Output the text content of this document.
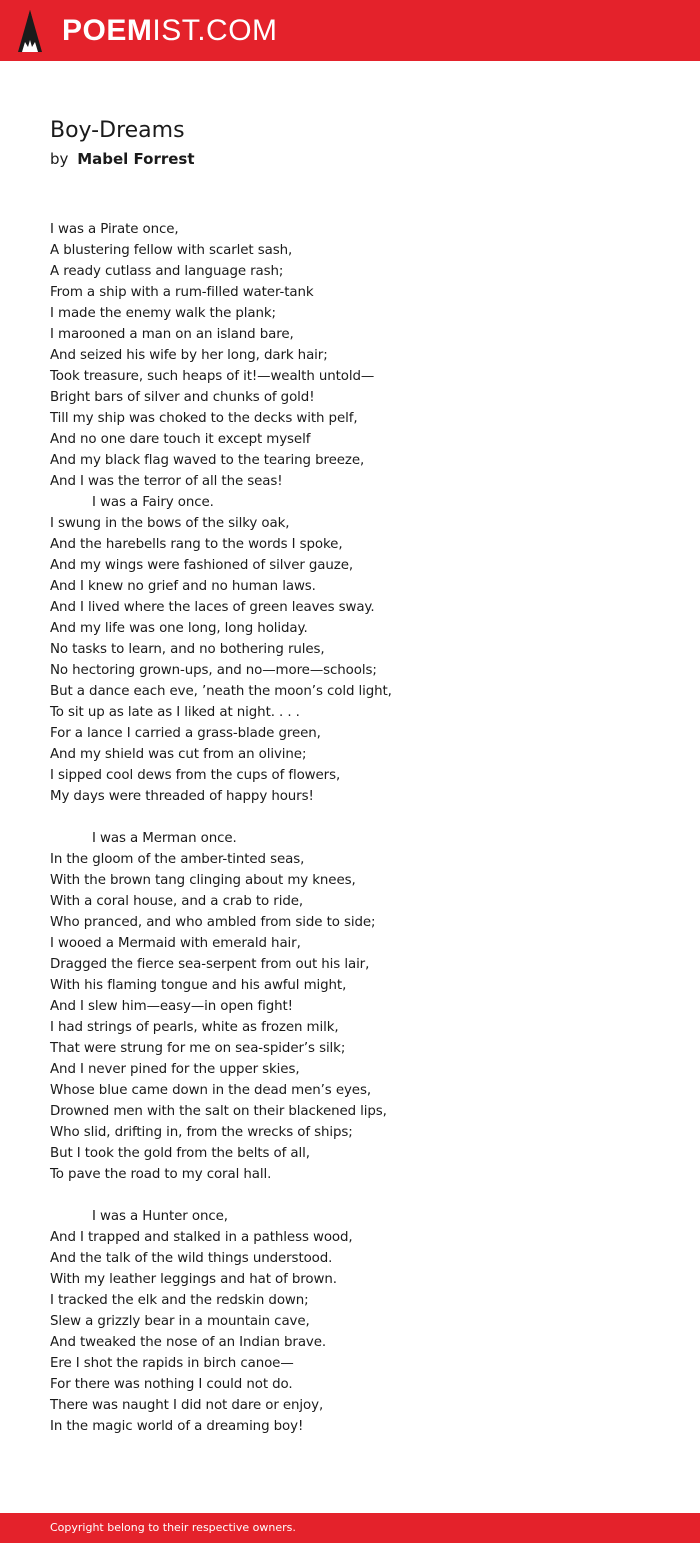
POEMIST.COM
Boy-Dreams
by Mabel Forrest
I was a Pirate once,
A blustering fellow with scarlet sash,
A ready cutlass and language rash;
From a ship with a rum-filled water-tank
I made the enemy walk the plank;
I marooned a man on an island bare,
And seized his wife by her long, dark hair;
Took treasure, such heaps of it!—wealth untold—
Bright bars of silver and chunks of gold!
Till my ship was choked to the decks with pelf,
And no one dare touch it except myself
And my black flag waved to the tearing breeze,
And I was the terror of all the seas!
I was a Fairy once.
I swung in the bows of the silky oak,
And the harebells rang to the words I spoke,
And my wings were fashioned of silver gauze,
And I knew no grief and no human laws.
And I lived where the laces of green leaves sway.
And my life was one long, long holiday.
No tasks to learn, and no bothering rules,
No hectoring grown-ups, and no—more—schools;
But a dance each eve, ’neath the moon’s cold light,
To sit up as late as I liked at night. . . .
For a lance I carried a grass-blade green,
And my shield was cut from an olivine;
I sipped cool dews from the cups of flowers,
My days were threaded of happy hours!
I was a Merman once.
In the gloom of the amber-tinted seas,
With the brown tang clinging about my knees,
With a coral house, and a crab to ride,
Who pranced, and who ambled from side to side;
I wooed a Mermaid with emerald hair,
Dragged the fierce sea-serpent from out his lair,
With his flaming tongue and his awful might,
And I slew him—easy—in open fight!
I had strings of pearls, white as frozen milk,
That were strung for me on sea-spider’s silk;
And I never pined for the upper skies,
Whose blue came down in the dead men’s eyes,
Drowned men with the salt on their blackened lips,
Who slid, drifting in, from the wrecks of ships;
But I took the gold from the belts of all,
To pave the road to my coral hall.
I was a Hunter once,
And I trapped and stalked in a pathless wood,
And the talk of the wild things understood.
With my leather leggings and hat of brown.
I tracked the elk and the redskin down;
Slew a grizzly bear in a mountain cave,
And tweaked the nose of an Indian brave.
Ere I shot the rapids in birch canoe—
For there was nothing I could not do.
There was naught I did not dare or enjoy,
In the magic world of a dreaming boy!
Copyright belong to their respective owners.
